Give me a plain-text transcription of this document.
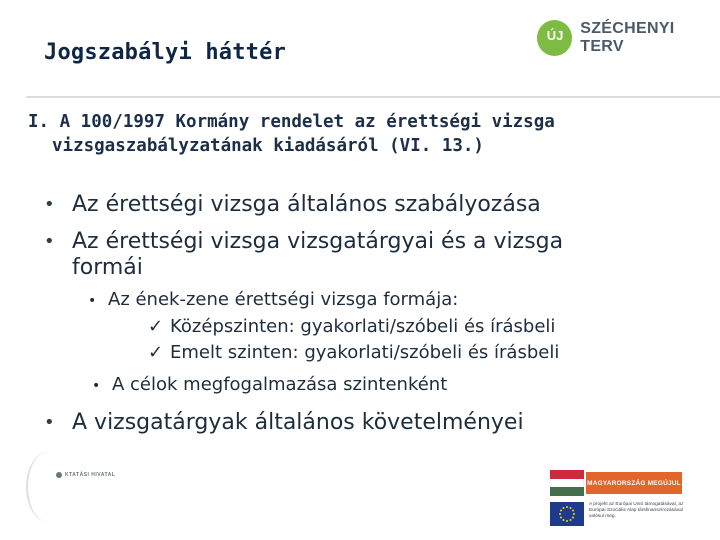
Jogszabályi háttér
ÚJ	SZÉCHENYI TERV
I. A 100/1997 Kormány rendelet az érettségi vizsga
vizsgaszabályzatának kiadásáról (VI. 13.)
• Az érettségi vizsga általános szabályozása
• Az érettségi vizsga vizsgatárgyai és a vizsga
formái
• Az ének-zene érettségi vizsga formája:
✓ Középszinten: gyakorlati/szóbeli és írásbeli
✓ Emelt szinten: gyakorlati/szóbeli és írásbeli
• A célok megfogalmazása szintenként
• A vizsgatárgyak általános követelményei
KTATÁSI HIVATAL
MAGYARORSZÁG MEGÚJUL
A projekt az Európai Unió támogatásával, az Európai Szociális Alap társfinanszírozásával valósul meg.
